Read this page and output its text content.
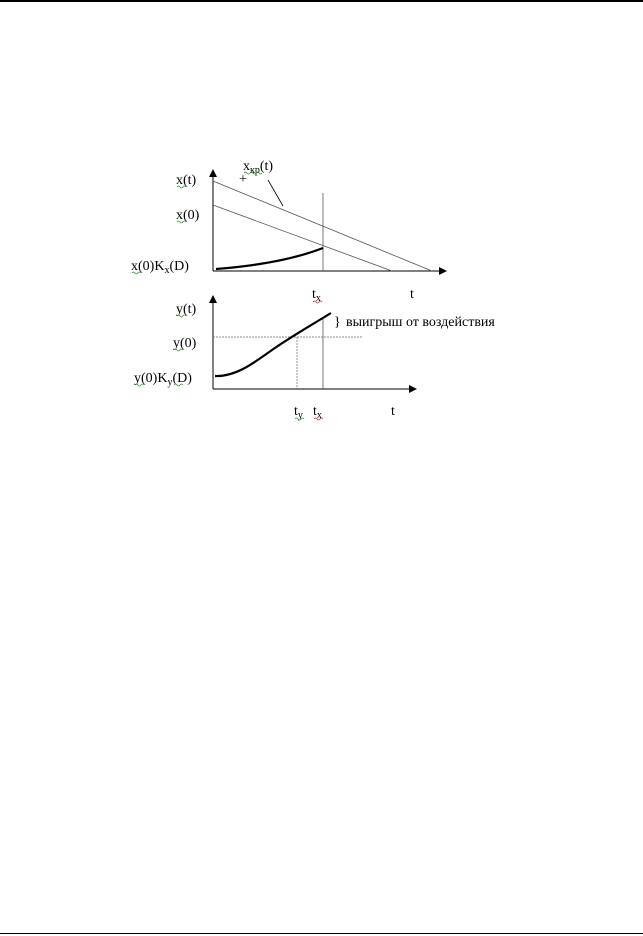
x(t)
x(0)
$x(0)K_x(D)$
$x_{кр}(t)$
+
$t_x$	t
y(t)
y(0)
$y(0)K_y(D)$
} выигрыш от воздействия
$t_y$ $t_x$	t
